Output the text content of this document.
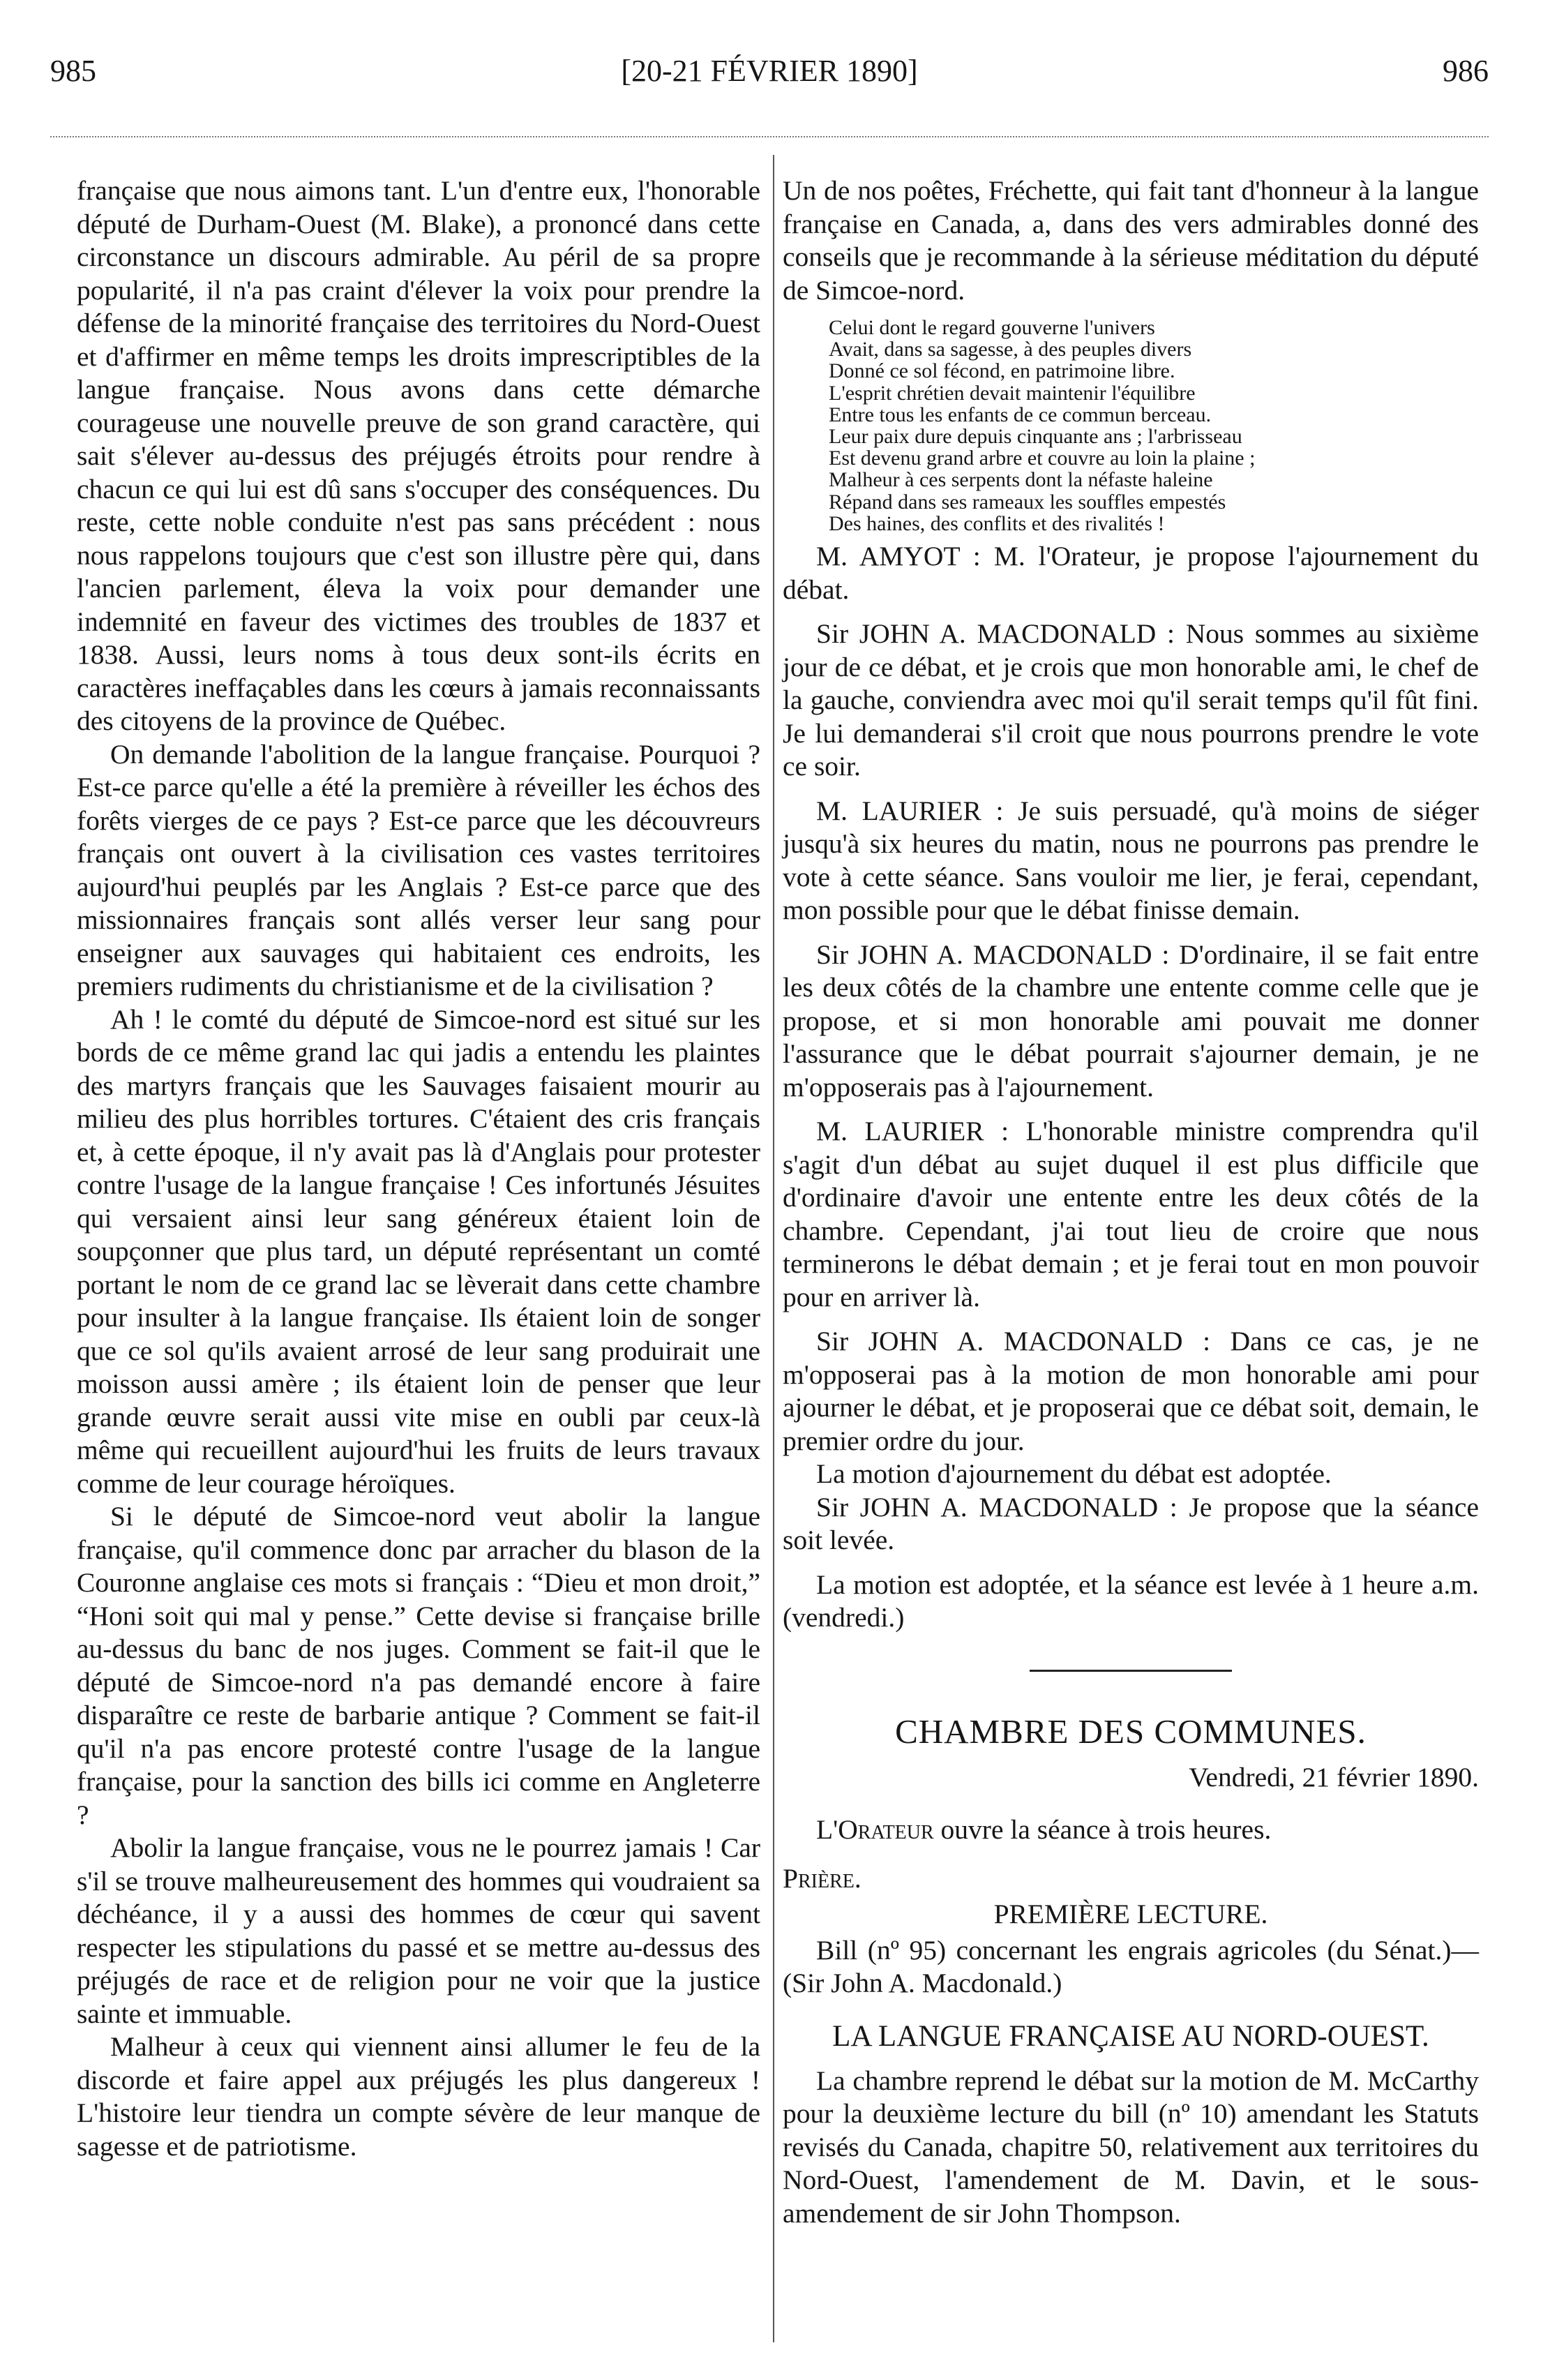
985	[20-21 FÉVRIER 1890]	986

française que nous aimons tant. L'un d'entre eux, l'honorable député de Durham-Ouest (M. Blake), a prononcé dans cette circonstance un discours admirable. Au péril de sa propre popularité, il n'a pas craint d'élever la voix pour prendre la défense de la minorité française des territoires du Nord-Ouest et d'affirmer en même temps les droits imprescriptibles de la langue française. Nous avons dans cette démarche courageuse une nouvelle preuve de son grand caractère, qui sait s'élever au-dessus des préjugés étroits pour rendre à chacun ce qui lui est dû sans s'occuper des conséquences. Du reste, cette noble conduite n'est pas sans précédent : nous nous rappelons toujours que c'est son illustre père qui, dans l'ancien parlement, éleva la voix pour demander une indemnité en faveur des victimes des troubles de 1837 et 1838. Aussi, leurs noms à tous deux sont-ils écrits en caractères ineffaçables dans les cœurs à jamais reconnaissants des citoyens de la province de Québec.

On demande l'abolition de la langue française. Pourquoi ? Est-ce parce qu'elle a été la première à réveiller les échos des forêts vierges de ce pays ? Est-ce parce que les découvreurs français ont ouvert à la civilisation ces vastes territoires aujourd'hui peuplés par les Anglais ? Est-ce parce que des missionnaires français sont allés verser leur sang pour enseigner aux sauvages qui habitaient ces endroits, les premiers rudiments du christianisme et de la civilisation ?

Ah ! le comté du député de Simcoe-nord est situé sur les bords de ce même grand lac qui jadis a entendu les plaintes des martyrs français que les Sauvages faisaient mourir au milieu des plus horribles tortures. C'étaient des cris français et, à cette époque, il n'y avait pas là d'Anglais pour protester contre l'usage de la langue française ! Ces infortunés Jésuites qui versaient ainsi leur sang généreux étaient loin de soupçonner que plus tard, un député représentant un comté portant le nom de ce grand lac se lèverait dans cette chambre pour insulter à la langue française. Ils étaient loin de songer que ce sol qu'ils avaient arrosé de leur sang produirait une moisson aussi amère ; ils étaient loin de penser que leur grande œuvre serait aussi vite mise en oubli par ceux-là même qui recueillent aujourd'hui les fruits de leurs travaux comme de leur courage héroïques.

Si le député de Simcoe-nord veut abolir la langue française, qu'il commence donc par arracher du blason de la Couronne anglaise ces mots si français : “Dieu et mon droit,” “Honi soit qui mal y pense.” Cette devise si française brille au-dessus du banc de nos juges. Comment se fait-il que le député de Simcoe-nord n'a pas demandé encore à faire disparaître ce reste de barbarie antique ? Comment se fait-il qu'il n'a pas encore protesté contre l'usage de la langue française, pour la sanction des bills ici comme en Angleterre ?

Abolir la langue française, vous ne le pourrez jamais ! Car s'il se trouve malheureusement des hommes qui voudraient sa déchéance, il y a aussi des hommes de cœur qui savent respecter les stipulations du passé et se mettre au-dessus des préjugés de race et de religion pour ne voir que la justice sainte et immuable.

Malheur à ceux qui viennent ainsi allumer le feu de la discorde et faire appel aux préjugés les plus dangereux ! L'histoire leur tiendra un compte sévère de leur manque de sagesse et de patriotisme.

Un de nos poêtes, Fréchette, qui fait tant d'honneur à la langue française en Canada, a, dans des vers admirables donné des conseils que je recommande à la sérieuse méditation du député de Simcoe-nord.

Celui dont le regard gouverne l'univers
Avait, dans sa sagesse, à des peuples divers
Donné ce sol fécond, en patrimoine libre.
L'esprit chrétien devait maintenir l'équilibre
Entre tous les enfants de ce commun berceau.
Leur paix dure depuis cinquante ans ; l'arbrisseau
Est devenu grand arbre et couvre au loin la plaine ;
Malheur à ces serpents dont la néfaste haleine
Répand dans ses rameaux les souffles empestés
Des haines, des conflits et des rivalités !

M. AMYOT : M. l'Orateur, je propose l'ajournement du débat.

Sir JOHN A. MACDONALD : Nous sommes au sixième jour de ce débat, et je crois que mon honorable ami, le chef de la gauche, conviendra avec moi qu'il serait temps qu'il fût fini. Je lui demanderai s'il croit que nous pourrons prendre le vote ce soir.

M. LAURIER : Je suis persuadé, qu'à moins de siéger jusqu'à six heures du matin, nous ne pourrons pas prendre le vote à cette séance. Sans vouloir me lier, je ferai, cependant, mon possible pour que le débat finisse demain.

Sir JOHN A. MACDONALD : D'ordinaire, il se fait entre les deux côtés de la chambre une entente comme celle que je propose, et si mon honorable ami pouvait me donner l'assurance que le débat pourrait s'ajourner demain, je ne m'opposerais pas à l'ajournement.

M. LAURIER : L'honorable ministre comprendra qu'il s'agit d'un débat au sujet duquel il est plus difficile que d'ordinaire d'avoir une entente entre les deux côtés de la chambre. Cependant, j'ai tout lieu de croire que nous terminerons le débat demain ; et je ferai tout en mon pouvoir pour en arriver là.

Sir JOHN A. MACDONALD : Dans ce cas, je ne m'opposerai pas à la motion de mon honorable ami pour ajourner le débat, et je proposerai que ce débat soit, demain, le premier ordre du jour.

La motion d'ajournement du débat est adoptée.

Sir JOHN A. MACDONALD : Je propose que la séance soit levée.

La motion est adoptée, et la séance est levée à 1 heure a.m. (vendredi.)

CHAMBRE DES COMMUNES.
Vendredi, 21 février 1890.

L'Orateur ouvre la séance à trois heures.

Prière.

PREMIÈRE LECTURE.

Bill (nº 95) concernant les engrais agricoles (du Sénat.)—(Sir John A. Macdonald.)

LA LANGUE FRANÇAISE AU NORD-OUEST.

La chambre reprend le débat sur la motion de M. McCarthy pour la deuxième lecture du bill (nº 10) amendant les Statuts revisés du Canada, chapitre 50, relativement aux territoires du Nord-Ouest, l'amendement de M. Davin, et le sous-amendement de sir John Thompson.
